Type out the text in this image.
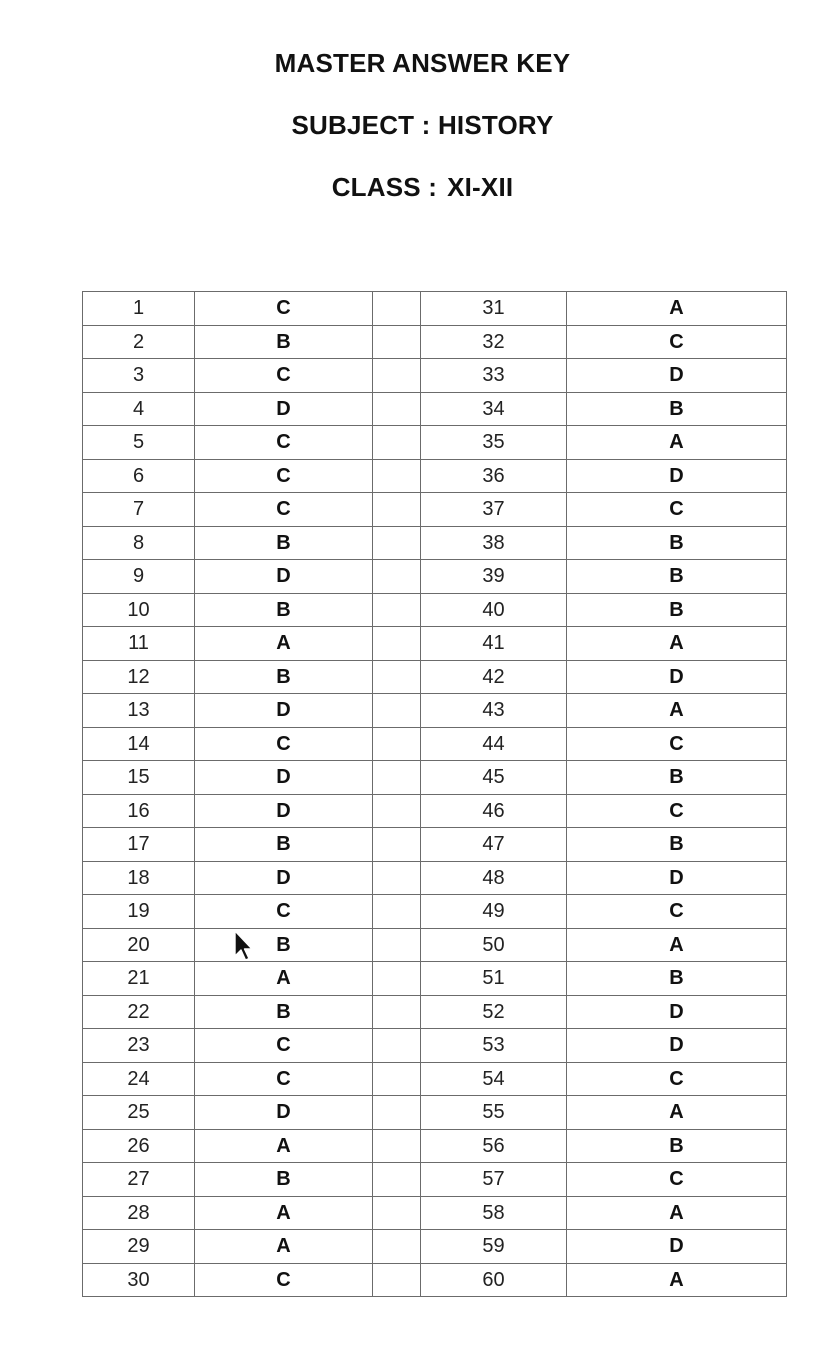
MASTER ANSWER KEY
SUBJECT : HISTORY
CLASS : XI-XII
1	C		31	A
2	B		32	C
3	C		33	D
4	D		34	B
5	C		35	A
6	C		36	D
7	C		37	C
8	B		38	B
9	D		39	B
10	B		40	B
11	A		41	A
12	B		42	D
13	D		43	A
14	C		44	C
15	D		45	B
16	D		46	C
17	B		47	B
18	D		48	D
19	C		49	C
20	B		50	A
21	A		51	B
22	B		52	D
23	C		53	D
24	C		54	C
25	D		55	A
26	A		56	B
27	B		57	C
28	A		58	A
29	A		59	D
30	C		60	A
